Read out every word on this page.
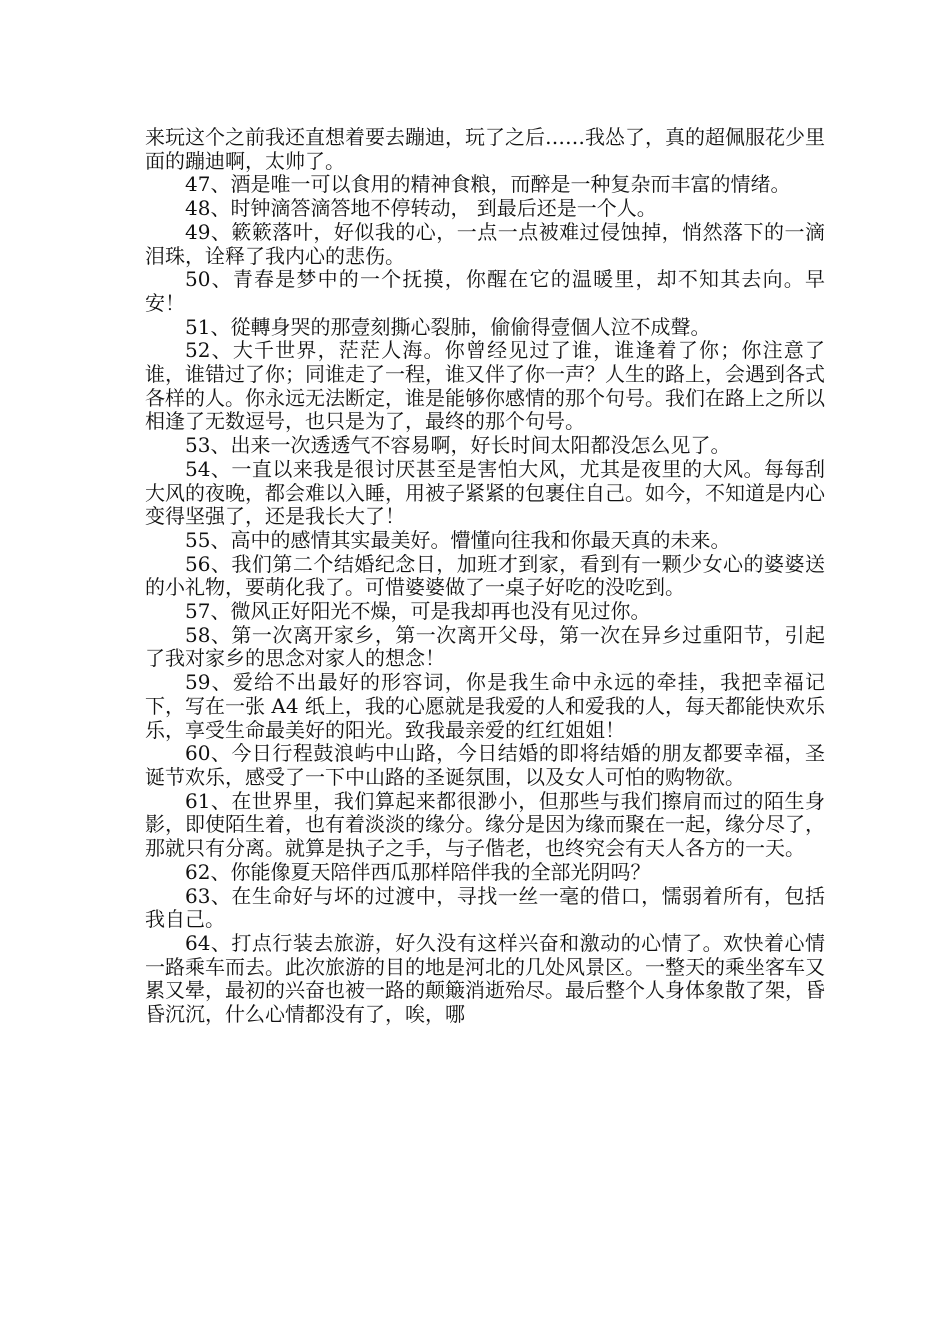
来玩这个之前我还直想着要去蹦迪，玩了之后……我怂了，真的超佩服花少里面的蹦迪啊，太帅了。

47、酒是唯一可以食用的精神食粮，而醉是一种复杂而丰富的情绪。

48、时钟滴答滴答地不停转动， 到最后还是一个人。

49、簌簌落叶，好似我的心，一点一点被难过侵蚀掉，悄然落下的一滴泪珠，诠释了我内心的悲伤。

50、青春是梦中的一个抚摸，你醒在它的温暖里，却不知其去向。早安！

51、從轉身哭的那壹刻撕心裂肺，偷偷得壹個人泣不成聲。

52、大千世界，茫茫人海。你曾经见过了谁，谁逢着了你；你注意了谁，谁错过了你；同谁走了一程，谁又伴了你一声？人生的路上，会遇到各式各样的人。你永远无法断定，谁是能够你感情的那个句号。我们在路上之所以相逢了无数逗号，也只是为了，最终的那个句号。

53、出来一次透透气不容易啊，好长时间太阳都没怎么见了。

54、一直以来我是很讨厌甚至是害怕大风，尤其是夜里的大风。每每刮大风的夜晚，都会难以入睡，用被子紧紧的包裹住自己。如今，不知道是内心变得坚强了，还是我长大了！

55、高中的感情其实最美好。懵懂向往我和你最天真的未来。

56、我们第二个结婚纪念日，加班才到家，看到有一颗少女心的婆婆送的小礼物，要萌化我了。可惜婆婆做了一桌子好吃的没吃到。

57、微风正好阳光不燥，可是我却再也没有见过你。

58、第一次离开家乡，第一次离开父母，第一次在异乡过重阳节，引起了我对家乡的思念对家人的想念！

59、爱给不出最好的形容词，你是我生命中永远的牵挂，我把幸福记下，写在一张 A4 纸上，我的心愿就是我爱的人和爱我的人，每天都能快欢乐乐，享受生命最美好的阳光。致我最亲爱的红红姐姐！

60、今日行程鼓浪屿中山路，今日结婚的即将结婚的朋友都要幸福，圣诞节欢乐，感受了一下中山路的圣诞氛围，以及女人可怕的购物欲。

61、在世界里，我们算起来都很渺小，但那些与我们擦肩而过的陌生身影，即使陌生着，也有着淡淡的缘分。缘分是因为缘而聚在一起，缘分尽了，那就只有分离。就算是执子之手，与子偕老，也终究会有天人各方的一天。

62、你能像夏天陪伴西瓜那样陪伴我的全部光阴吗？

63、在生命好与坏的过渡中，寻找一丝一毫的借口，懦弱着所有，包括我自己。

64、打点行装去旅游，好久没有这样兴奋和激动的心情了。欢快着心情一路乘车而去。此次旅游的目的地是河北的几处风景区。一整天的乘坐客车又累又晕，最初的兴奋也被一路的颠簸消逝殆尽。最后整个人身体象散了架，昏昏沉沉，什么心情都没有了，唉，哪
